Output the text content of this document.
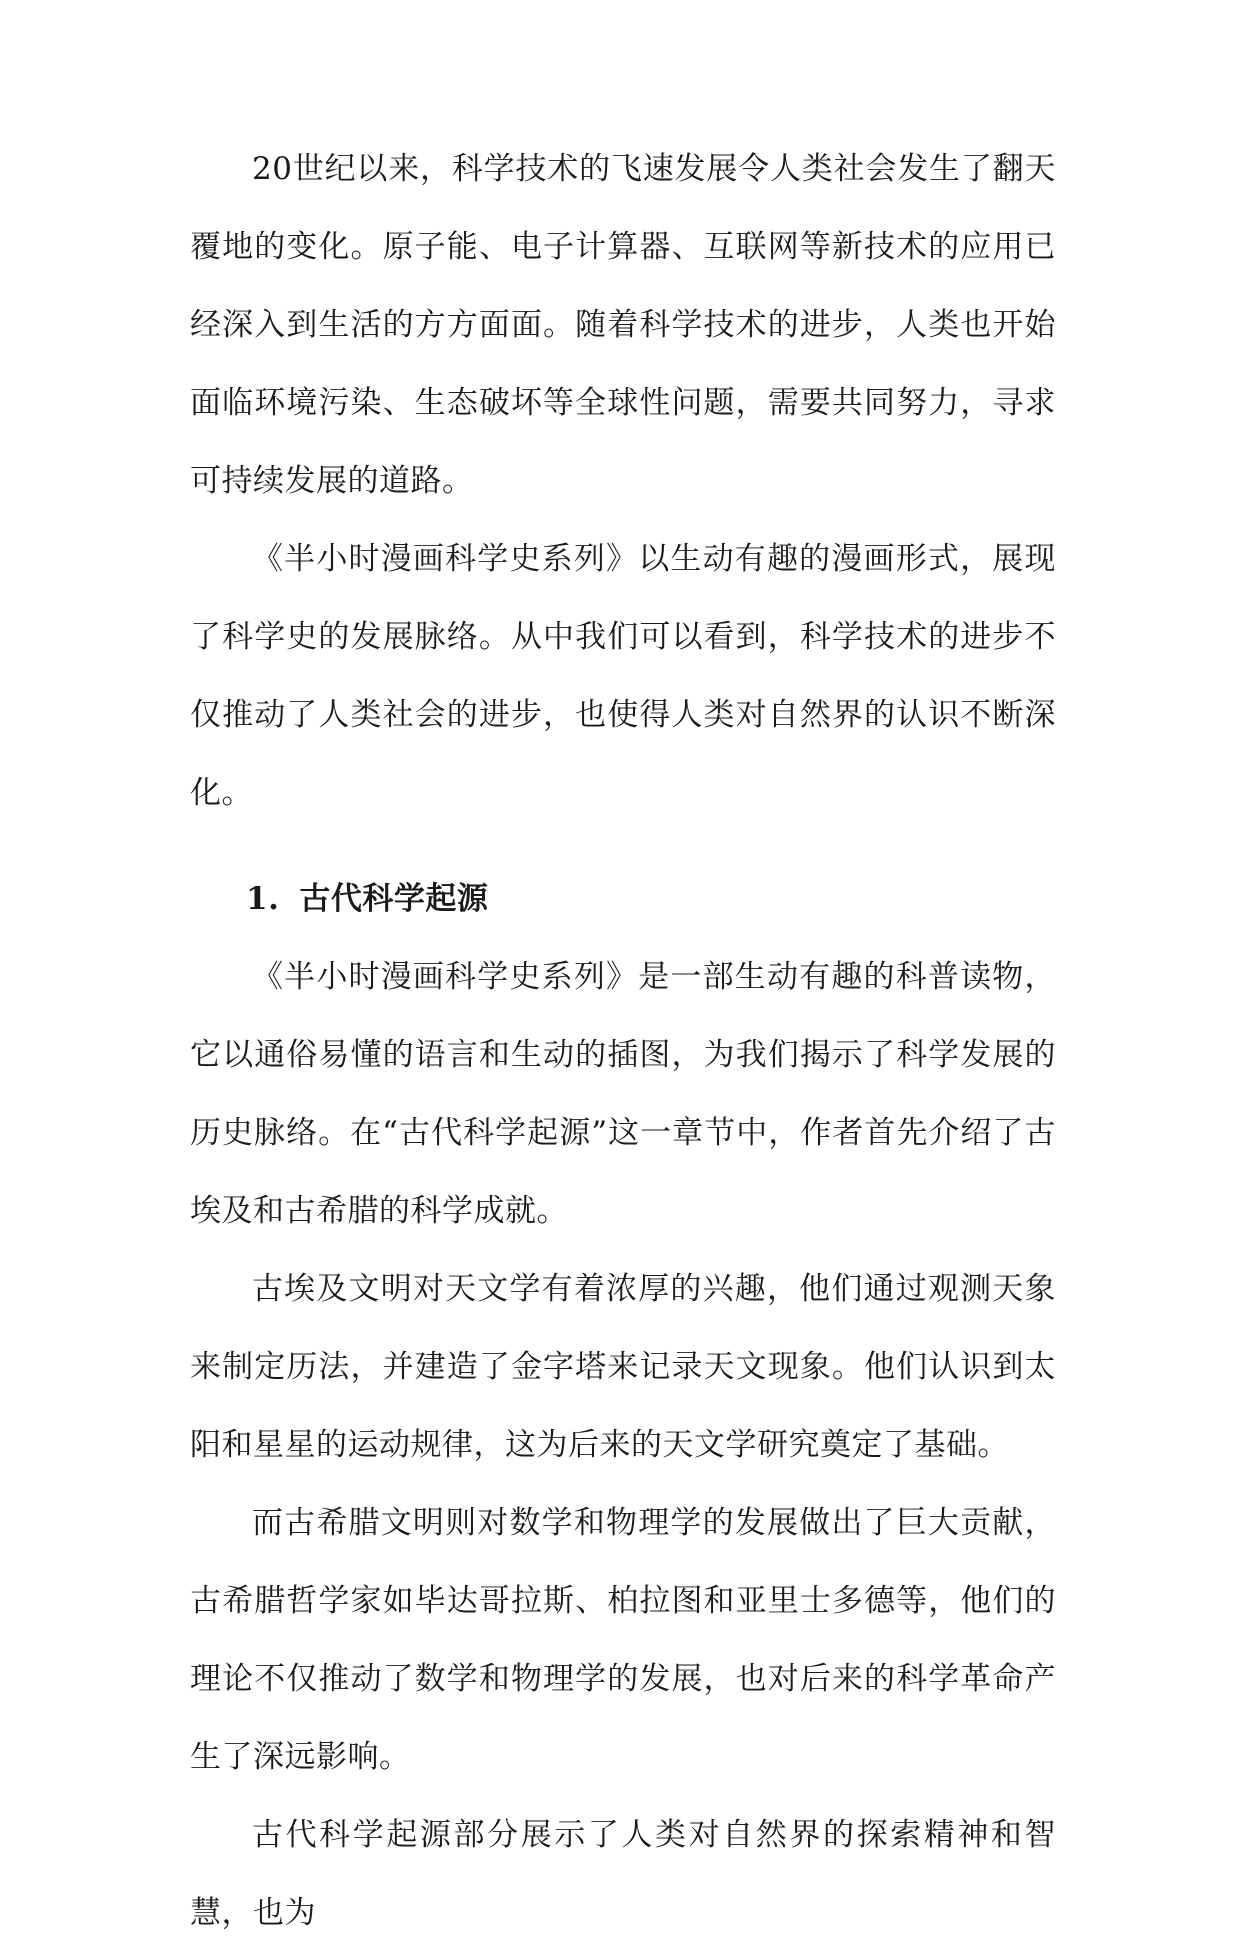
20世纪以来，科学技术的飞速发展令人类社会发生了翻天覆地的变化。原子能、电子计算器、互联网等新技术的应用已经深入到生活的方方面面。随着科学技术的进步，人类也开始面临环境污染、生态破坏等全球性问题，需要共同努力，寻求可持续发展的道路。

《半小时漫画科学史系列》以生动有趣的漫画形式，展现了科学史的发展脉络。从中我们可以看到，科学技术的进步不仅推动了人类社会的进步，也使得人类对自然界的认识不断深化。

1. 古代科学起源

《半小时漫画科学史系列》是一部生动有趣的科普读物，它以通俗易懂的语言和生动的插图，为我们揭示了科学发展的历史脉络。在“古代科学起源”这一章节中，作者首先介绍了古埃及和古希腊的科学成就。

古埃及文明对天文学有着浓厚的兴趣，他们通过观测天象来制定历法，并建造了金字塔来记录天文现象。他们认识到太阳和星星的运动规律，这为后来的天文学研究奠定了基础。

而古希腊文明则对数学和物理学的发展做出了巨大贡献，古希腊哲学家如毕达哥拉斯、柏拉图和亚里士多德等，他们的理论不仅推动了数学和物理学的发展，也对后来的科学革命产生了深远影响。

古代科学起源部分展示了人类对自然界的探索精神和智慧，也为
